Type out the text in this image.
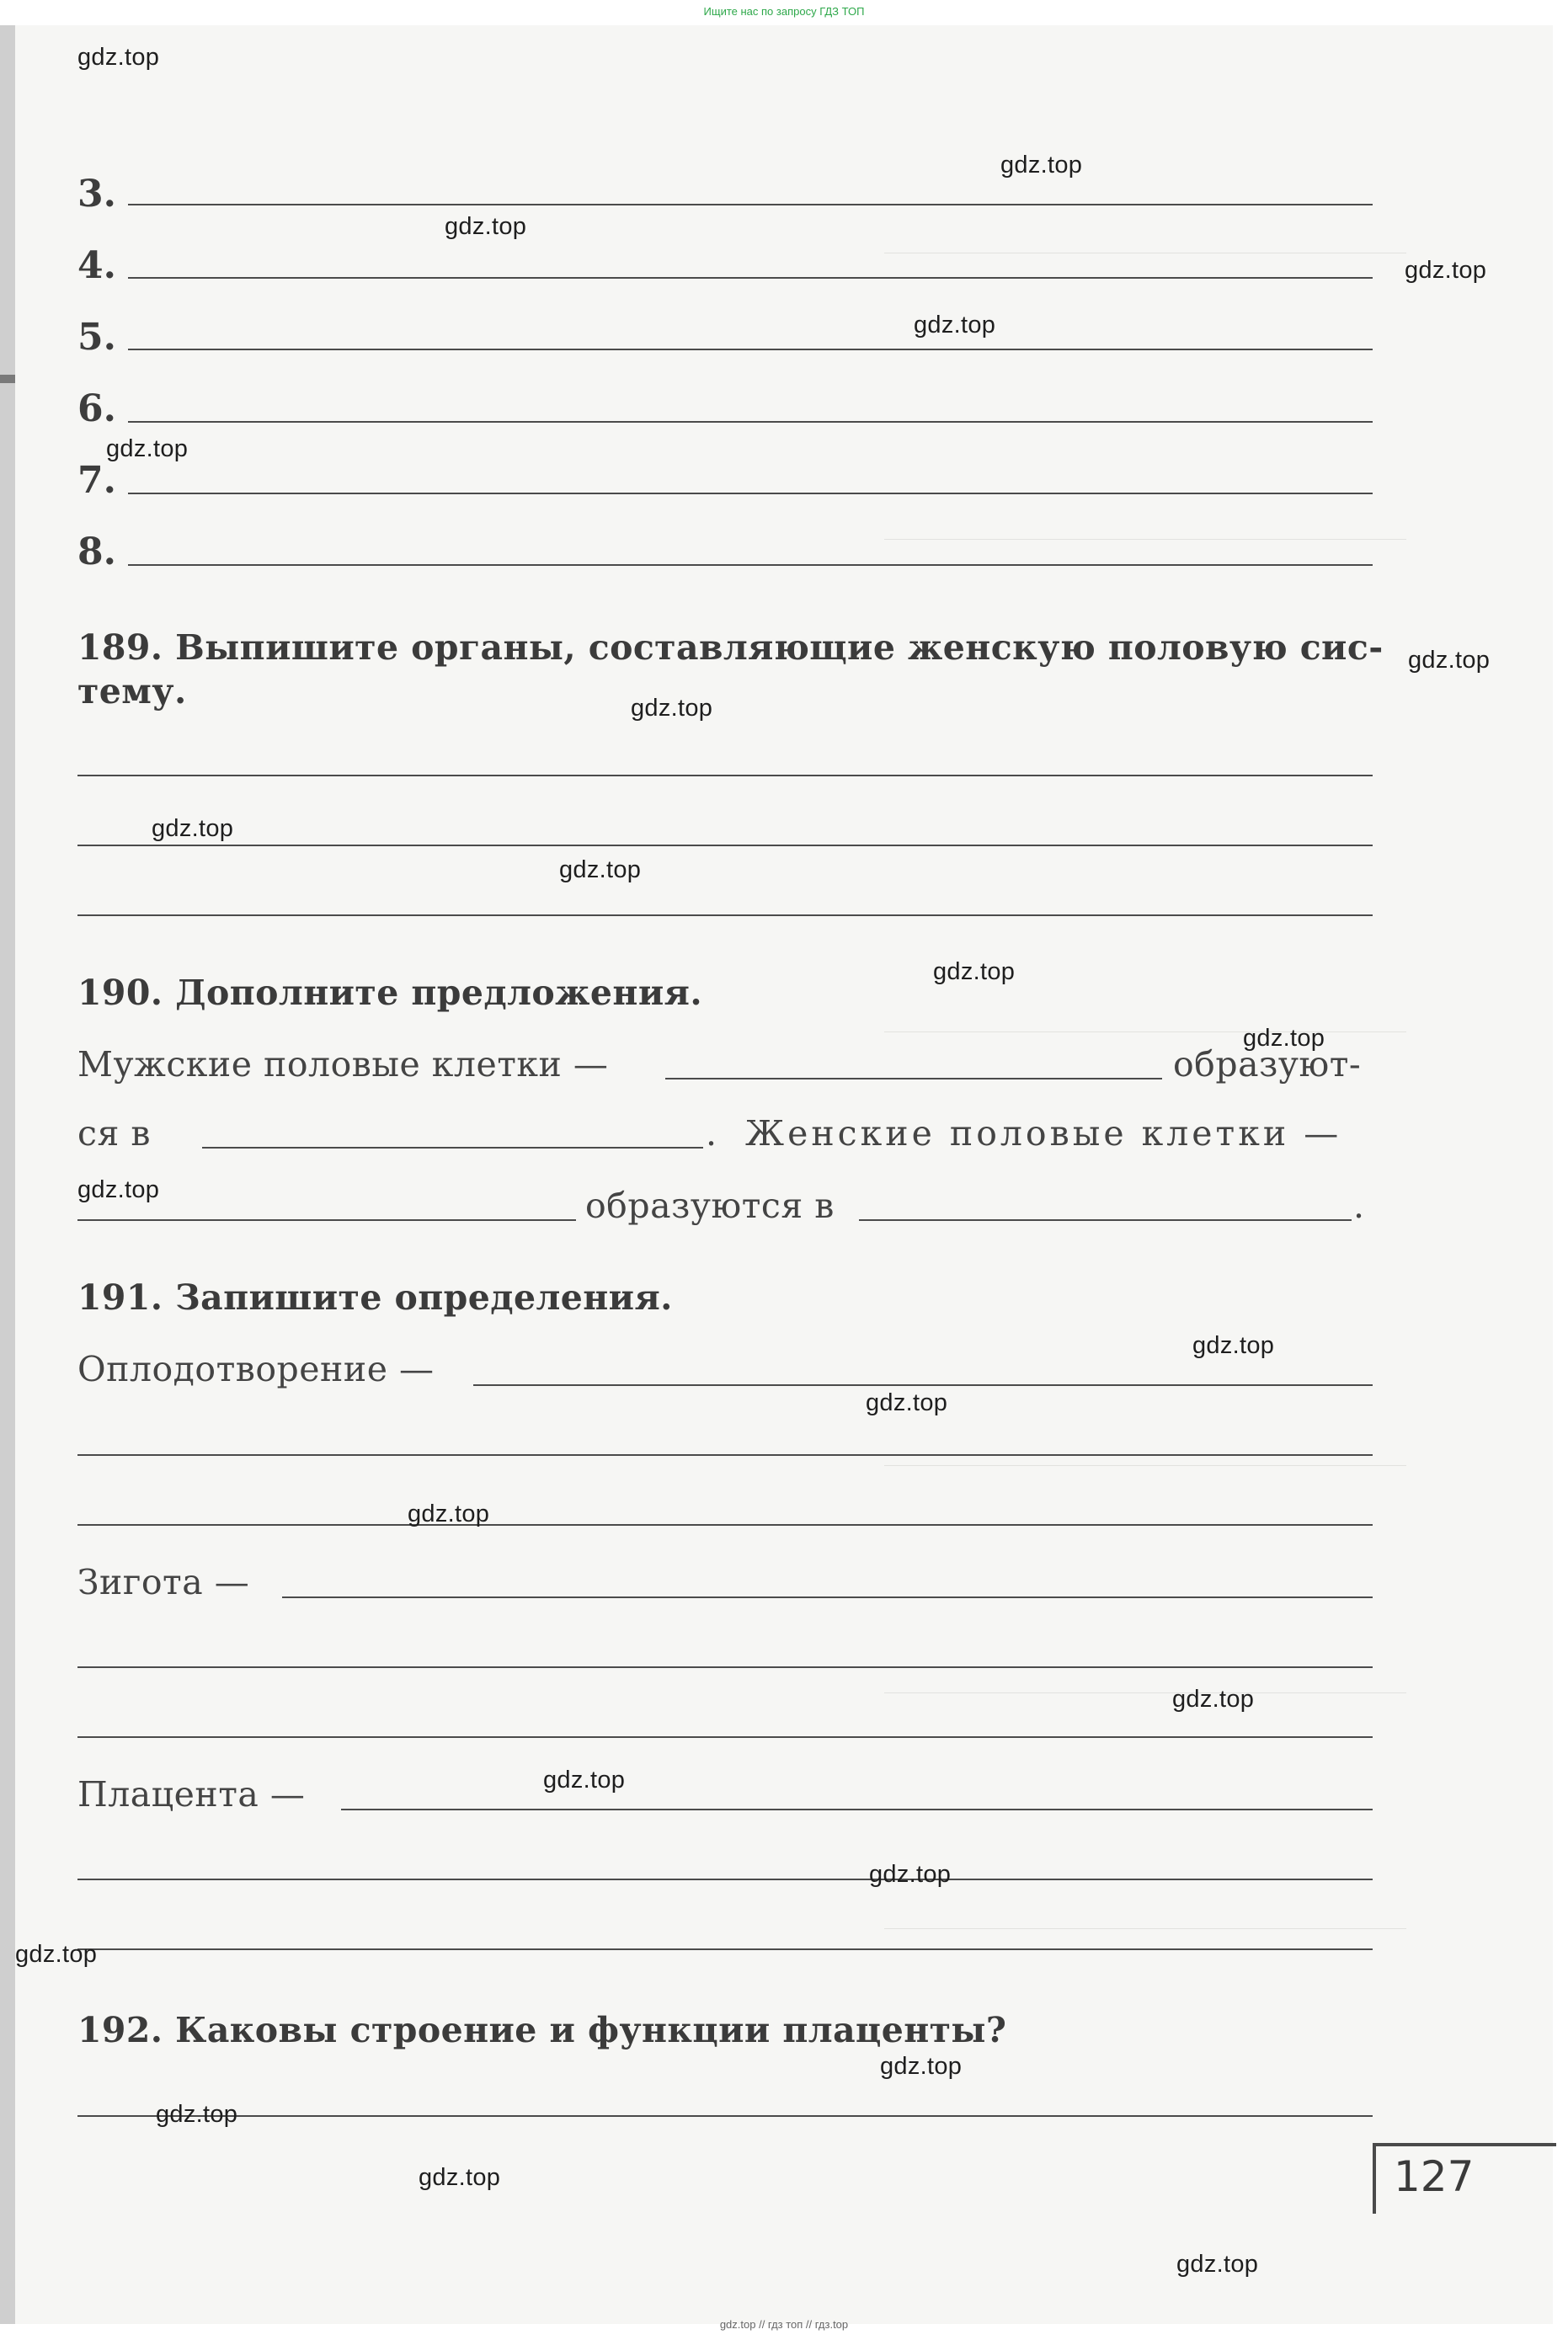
Ищите нас по запросу ГДЗ ТОП
3.
4.
5.
6.
7.
8.
189. Выпишите органы, составляющие женскую половую сис-
тему.
190. Дополните предложения.
Мужские половые клетки —	образуют-
ся в	. Женские половые клетки —
образуются в	.
191. Запишите определения.
Оплодотворение —
Зигота —
Плацента —
192. Каковы строение и функции плаценты?
127
gdz.top
gdz.top
gdz.top
gdz.top
gdz.top
gdz.top
gdz.top
gdz.top
gdz.top
gdz.top
gdz.top
gdz.top
gdz.top
gdz.top
gdz.top
gdz.top
gdz.top
gdz.top
gdz.top
gdz.top
gdz.top
gdz.top
gdz.top
gdz.top
gdz.top // гдз топ // гдз.top
